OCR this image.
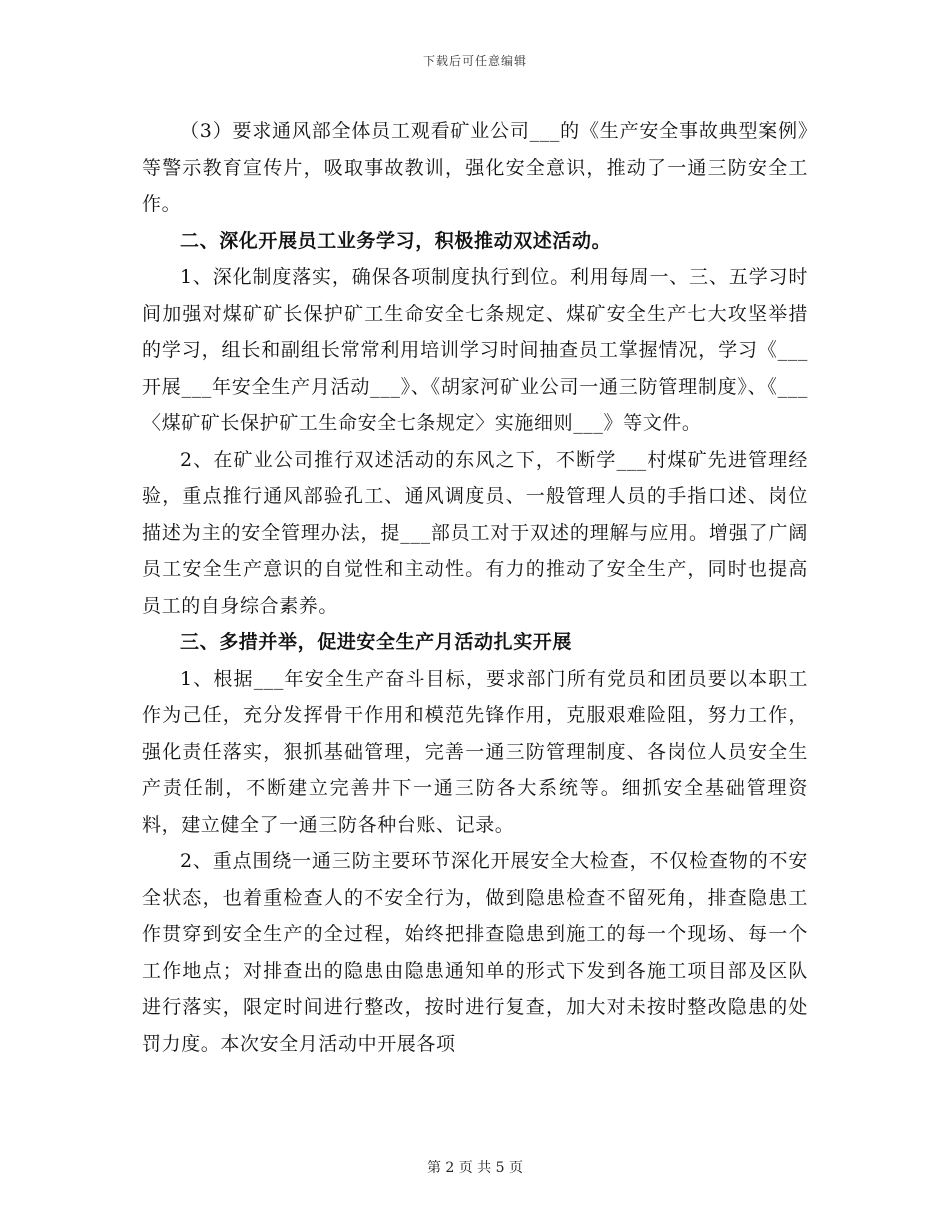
下载后可任意编辑

（3）要求通风部全体员工观看矿业公司___的《生产安全事故典型案例》等警示教育宣传片，吸取事故教训，强化安全意识，推动了一通三防安全工作。

二、深化开展员工业务学习，积极推动双述活动。

1、深化制度落实，确保各项制度执行到位。利用每周一、三、五学习时间加强对煤矿矿长保护矿工生命安全七条规定、煤矿安全生产七大攻坚举措的学习，组长和副组长常常利用培训学习时间抽查员工掌握情况，学习《___开展___年安全生产月活动___》、《胡家河矿业公司一通三防管理制度》、《___〈煤矿矿长保护矿工生命安全七条规定〉实施细则___》等文件。

2、在矿业公司推行双述活动的东风之下，不断学___村煤矿先进管理经验，重点推行通风部验孔工、通风调度员、一般管理人员的手指口述、岗位描述为主的安全管理办法，提___部员工对于双述的理解与应用。增强了广阔员工安全生产意识的自觉性和主动性。有力的推动了安全生产，同时也提高员工的自身综合素养。

三、多措并举，促进安全生产月活动扎实开展

1、根据___年安全生产奋斗目标，要求部门所有党员和团员要以本职工作为己任，充分发挥骨干作用和模范先锋作用，克服艰难险阻，努力工作，强化责任落实，狠抓基础管理，完善一通三防管理制度、各岗位人员安全生产责任制，不断建立完善井下一通三防各大系统等。细抓安全基础管理资料，建立健全了一通三防各种台账、记录。

2、重点围绕一通三防主要环节深化开展安全大检查，不仅检查物的不安全状态，也着重检查人的不安全行为，做到隐患检查不留死角，排查隐患工作贯穿到安全生产的全过程，始终把排查隐患到施工的每一个现场、每一个工作地点；对排查出的隐患由隐患通知单的形式下发到各施工项目部及区队进行落实，限定时间进行整改，按时进行复查，加大对未按时整改隐患的处罚力度。本次安全月活动中开展各项

第 2 页 共 5 页
